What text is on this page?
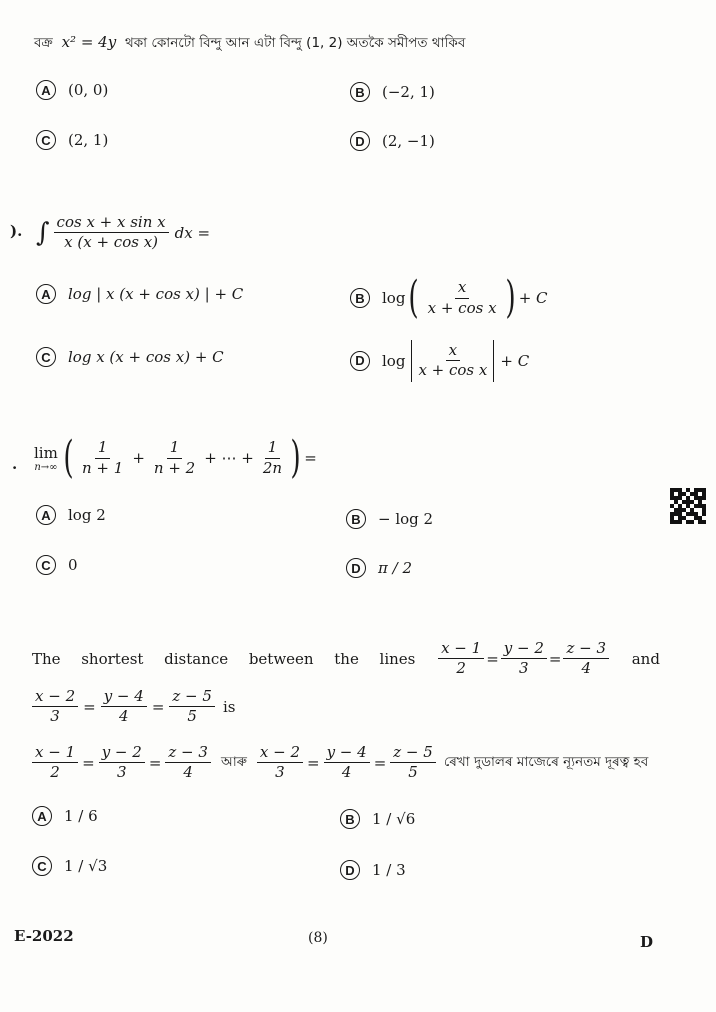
বক্ৰ x² = 4y থকা কোনটো বিন্দু আন এটা বিন্দু (1, 2) অতকৈ সমীপত থাকিব
A	(0, 0)	B	(−2, 1)
C	(2, 1)	D	(2, −1)
). ∫ $\frac{\text{cos x + x sin x}}{\text{x (x + cos x)}}$ dx =
A	log | x (x + cos x) | + C	B	log ( $\frac{x}{\text{x + cos x}}$ ) + C
C	log x (x + cos x) + C	D	$\log \frac{x}{\text{x + cos x}} + C$
.
lim
n→∞ ( $\frac{1}{n + 1} + \frac{1}{n + 2}$ + ⋯ + $\frac{1}{2n}$ ) =
A	log 2	B	− log 2
C	0	D	π / 2
The shortest distance between the lines $\frac{x - 1}{2} = \frac{y - 2}{3} = \frac{z - 3}{4}$ and
$\frac{x - 2}{3} = \frac{y - 4}{4} = \frac{z - 5}{5}$ is
$\frac{x - 1}{2} = \frac{y - 2}{3} = \frac{z - 3}{4}$ আৰু $\frac{x - 2}{3} = \frac{y - 4}{4} = \frac{z - 5}{5}$ ৰেখা দুডালৰ মাজেৰে ন্যূনতম দূৰত্ব হব
A	1 / 6	B	1 / √6
C	1 / √3	D	1 / 3
E-2022	(8)	D
